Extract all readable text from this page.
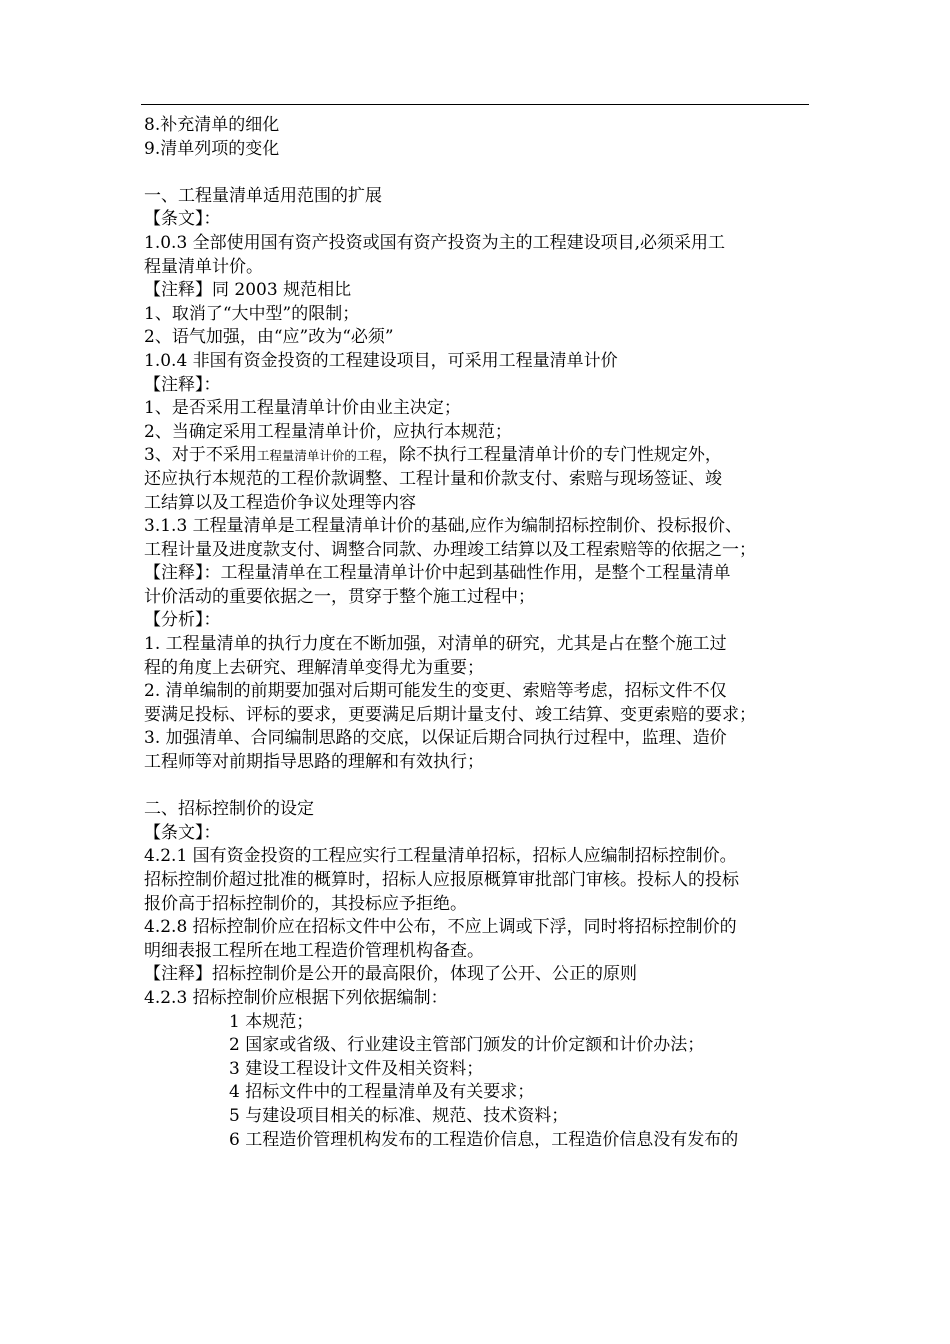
8.补充清单的细化
9.清单列项的变化
一、工程量清单适用范围的扩展
【条文】：
1.0.3 全部使用国有资产投资或国有资产投资为主的工程建设项目,必须采用工
程量清单计价。
【注释】同 2003 规范相比
1、取消了“大中型”的限制；
2、语气加强，由“应”改为“必须”
1.0.4 非国有资金投资的工程建设项目，可采用工程量清单计价
【注释】：
1、是否采用工程量清单计价由业主决定；
2、当确定采用工程量清单计价，应执行本规范；
3、对于不采用工程量清单计价的工程，除不执行工程量清单计价的专门性规定外，
还应执行本规范的工程价款调整、工程计量和价款支付、索赔与现场签证、竣
工结算以及工程造价争议处理等内容
3.1.3 工程量清单是工程量清单计价的基础,应作为编制招标控制价、投标报价、
工程计量及进度款支付、调整合同款、办理竣工结算以及工程索赔等的依据之一；
【注释】：工程量清单在工程量清单计价中起到基础性作用，是整个工程量清单
计价活动的重要依据之一，贯穿于整个施工过程中；
【分析】：
1. 工程量清单的执行力度在不断加强，对清单的研究，尤其是占在整个施工过
程的角度上去研究、理解清单变得尤为重要；
2. 清单编制的前期要加强对后期可能发生的变更、索赔等考虑，招标文件不仅
要满足投标、评标的要求，更要满足后期计量支付、竣工结算、变更索赔的要求；
3. 加强清单、合同编制思路的交底，以保证后期合同执行过程中，监理、造价
工程师等对前期指导思路的理解和有效执行；
二、招标控制价的设定
【条文】：
4.2.1 国有资金投资的工程应实行工程量清单招标，招标人应编制招标控制价。
招标控制价超过批准的概算时，招标人应报原概算审批部门审核。投标人的投标
报价高于招标控制价的，其投标应予拒绝。
4.2.8 招标控制价应在招标文件中公布，不应上调或下浮，同时将招标控制价的
明细表报工程所在地工程造价管理机构备查。
【注释】招标控制价是公开的最高限价，体现了公开、公正的原则
4.2.3 招标控制价应根据下列依据编制：
1 本规范；
2 国家或省级、行业建设主管部门颁发的计价定额和计价办法；
3 建设工程设计文件及相关资料；
4 招标文件中的工程量清单及有关要求；
5 与建设项目相关的标准、规范、技术资料；
6 工程造价管理机构发布的工程造价信息，工程造价信息没有发布的
